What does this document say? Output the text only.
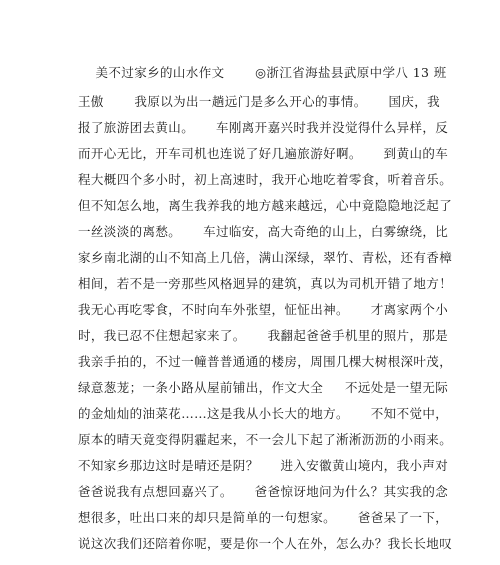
美不过家乡的山水作文       ◎浙江省海盐县武原中学八 13 班
王傲       我原以为出一趟远门是多么开心的事情。     国庆，我
报了旅游团去黄山。     车刚离开嘉兴时我并没觉得什么异样，反
而开心无比，开车司机也连说了好几遍旅游好啊。     到黄山的车
程大概四个多小时，初上高速时，我开心地吃着零食，听着音乐。
但不知怎么地，离生我养我的地方越来越远，心中竟隐隐地泛起了
一丝淡淡的离愁。     车过临安，高大奇绝的山上，白雾缭绕，比
家乡南北湖的山不知高上几倍，满山深绿，翠竹、青松，还有香樟
相间，若不是一旁那些风格迥异的建筑，真以为司机开错了地方！
我无心再吃零食，不时向车外张望，怔怔出神。     才离家两个小
时，我已忍不住想起家来了。     我翻起爸爸手机里的照片，那是
我亲手拍的，不过一幢普普通通的楼房，周围几棵大树根深叶茂，
绿意葱茏；一条小路从屋前铺出，作文大全     不远处是一望无际
的金灿灿的油菜花……这是我从小长大的地方。     不知不觉中，
原本的晴天竟变得阴霾起来，不一会儿下起了淅淅沥沥的小雨来。
不知家乡那边这时是晴还是阴？     进入安徽黄山境内，我小声对
爸爸说我有点想回嘉兴了。     爸爸惊讶地问为什么？其实我的念
想很多，吐出口来的却只是简单的一句想家。     爸爸呆了一下，
说这次我们还陪着你呢，要是你一个人在外，怎么办？我长长地叹
